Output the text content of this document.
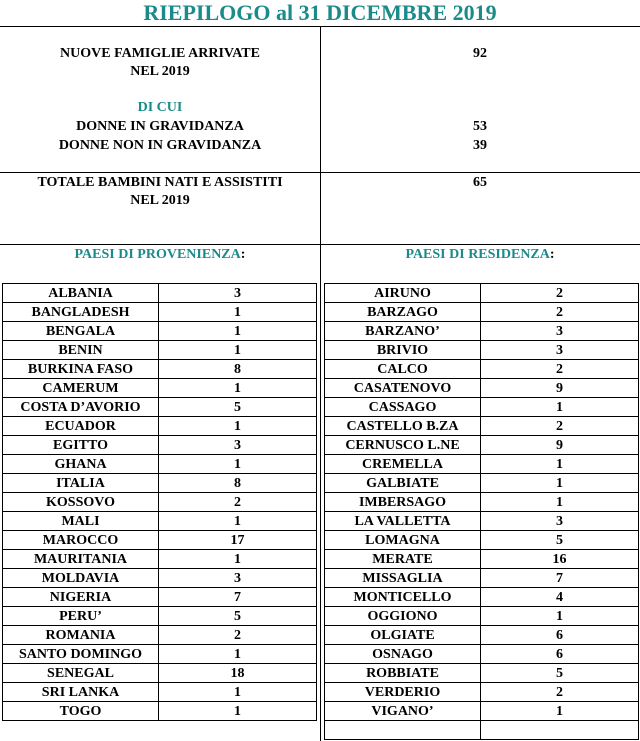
RIEPILOGO al 31 DICEMBRE 2019
NUOVE FAMIGLIE ARRIVATE
NEL 2019
92
DI CUI
DONNE IN GRAVIDANZA	53
DONNE NON IN GRAVIDANZA	39
TOTALE BAMBINI NATI E ASSISTITI
NEL 2019
65
PAESI DI PROVENIENZA:	PAESI DI RESIDENZA:
ALBANIA	3
BANGLADESH	1
BENGALA	1
BENIN	1
BURKINA FASO	8
CAMERUM	1
COSTA D’AVORIO	5
ECUADOR	1
EGITTO	3
GHANA	1
ITALIA	8
KOSSOVO	2
MALI	1
MAROCCO	17
MAURITANIA	1
MOLDAVIA	3
NIGERIA	7
PERU’	5
ROMANIA	2
SANTO DOMINGO	1
SENEGAL	18
SRI LANKA	1
TOGO	1
AIRUNO	2
BARZAGO	2
BARZANO’	3
BRIVIO	3
CALCO	2
CASATENOVO	9
CASSAGO	1
CASTELLO B.ZA	2
CERNUSCO L.NE	9
CREMELLA	1
GALBIATE	1
IMBERSAGO	1
LA VALLETTA	3
LOMAGNA	5
MERATE	16
MISSAGLIA	7
MONTICELLO	4
OGGIONO	1
OLGIATE	6
OSNAGO	6
ROBBIATE	5
VERDERIO	2
VIGANO’	1
